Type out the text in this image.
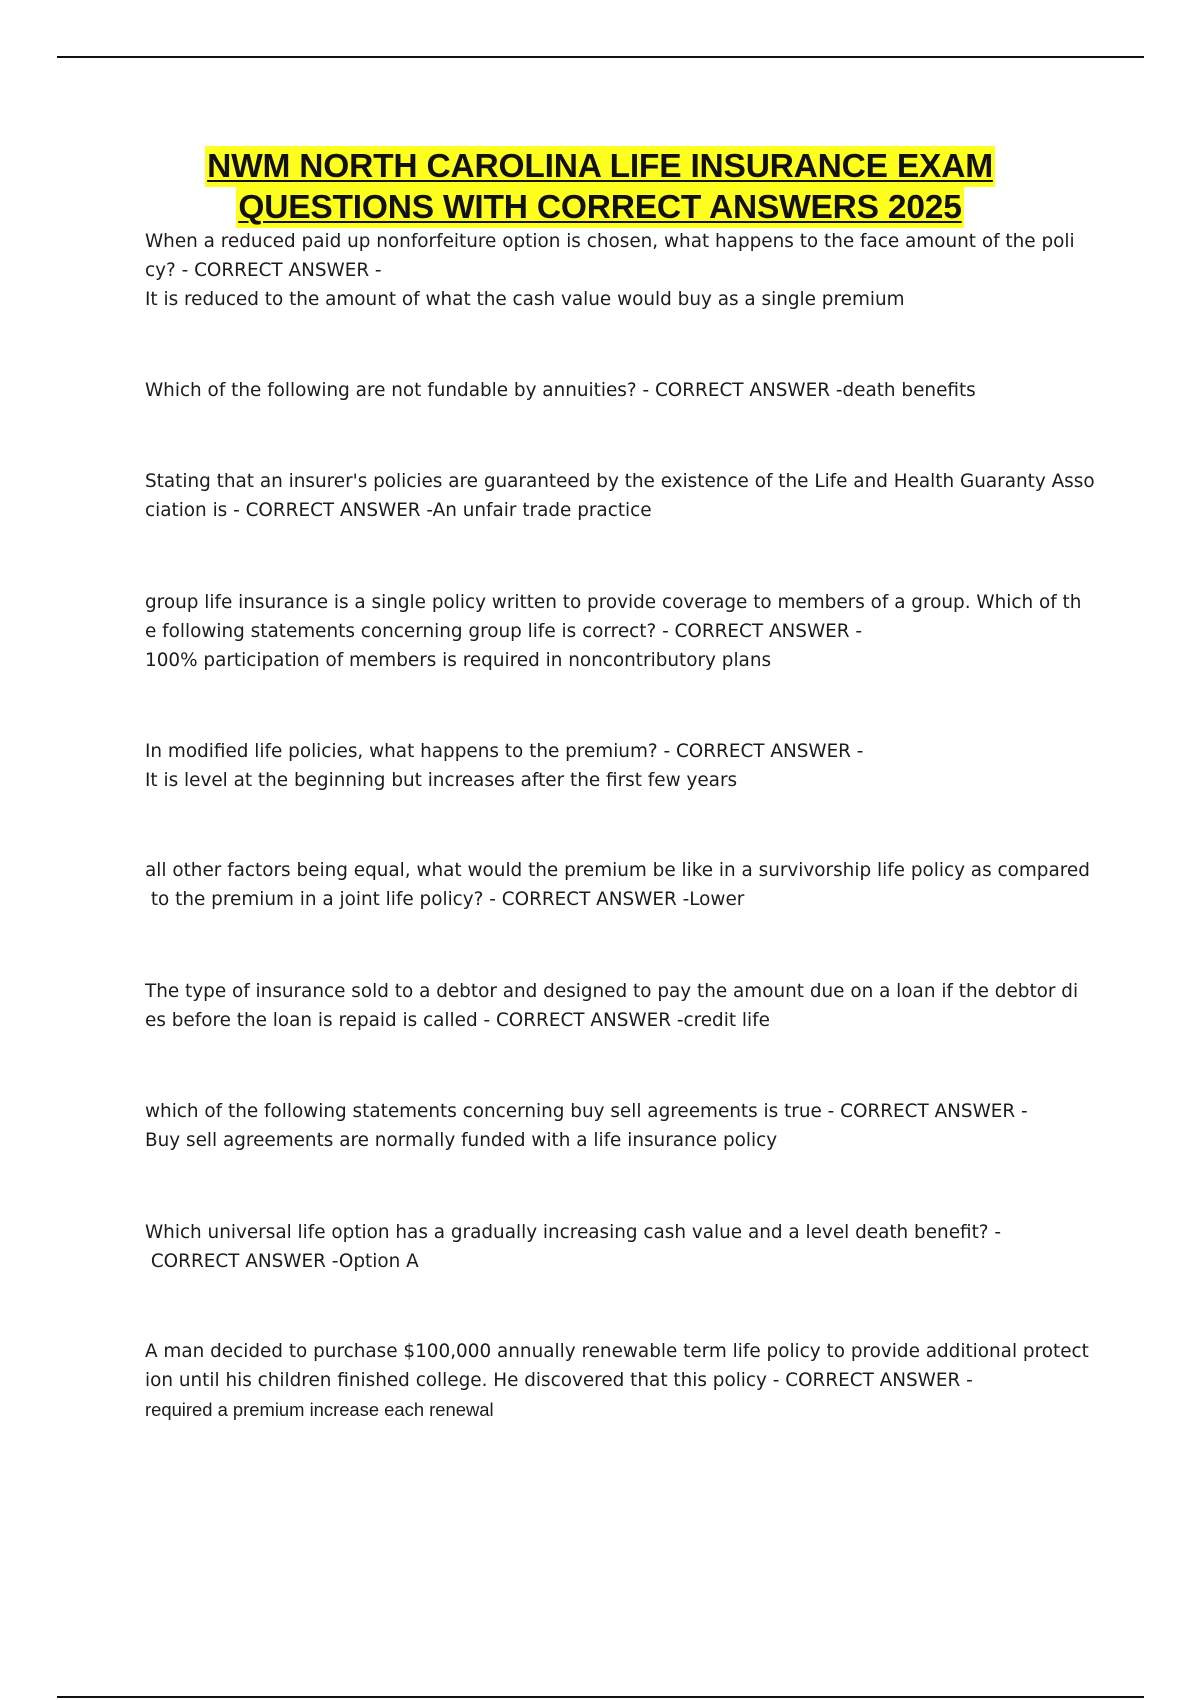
NWM NORTH CAROLINA LIFE INSURANCE EXAM
QUESTIONS WITH CORRECT ANSWERS 2025
When a reduced paid up nonforfeiture option is chosen, what happens to the face amount of the poli
cy? - CORRECT ANSWER -
It is reduced to the amount of what the cash value would buy as a single premium
Which of the following are not fundable by annuities? - CORRECT ANSWER -death benefits
Stating that an insurer's policies are guaranteed by the existence of the Life and Health Guaranty Asso
ciation is - CORRECT ANSWER -An unfair trade practice
group life insurance is a single policy written to provide coverage to members of a group. Which of th
e following statements concerning group life is correct? - CORRECT ANSWER -
100% participation of members is required in noncontributory plans
In modified life policies, what happens to the premium? - CORRECT ANSWER -
It is level at the beginning but increases after the first few years
all other factors being equal, what would the premium be like in a survivorship life policy as compared
to the premium in a joint life policy? - CORRECT ANSWER -Lower
The type of insurance sold to a debtor and designed to pay the amount due on a loan if the debtor di
es before the loan is repaid is called - CORRECT ANSWER -credit life
which of the following statements concerning buy sell agreements is true - CORRECT ANSWER -
Buy sell agreements are normally funded with a life insurance policy
Which universal life option has a gradually increasing cash value and a level death benefit? -
CORRECT ANSWER -Option A
A man decided to purchase $100,000 annually renewable term life policy to provide additional protect
ion until his children finished college. He discovered that this policy - CORRECT ANSWER -
required a premium increase each renewal
